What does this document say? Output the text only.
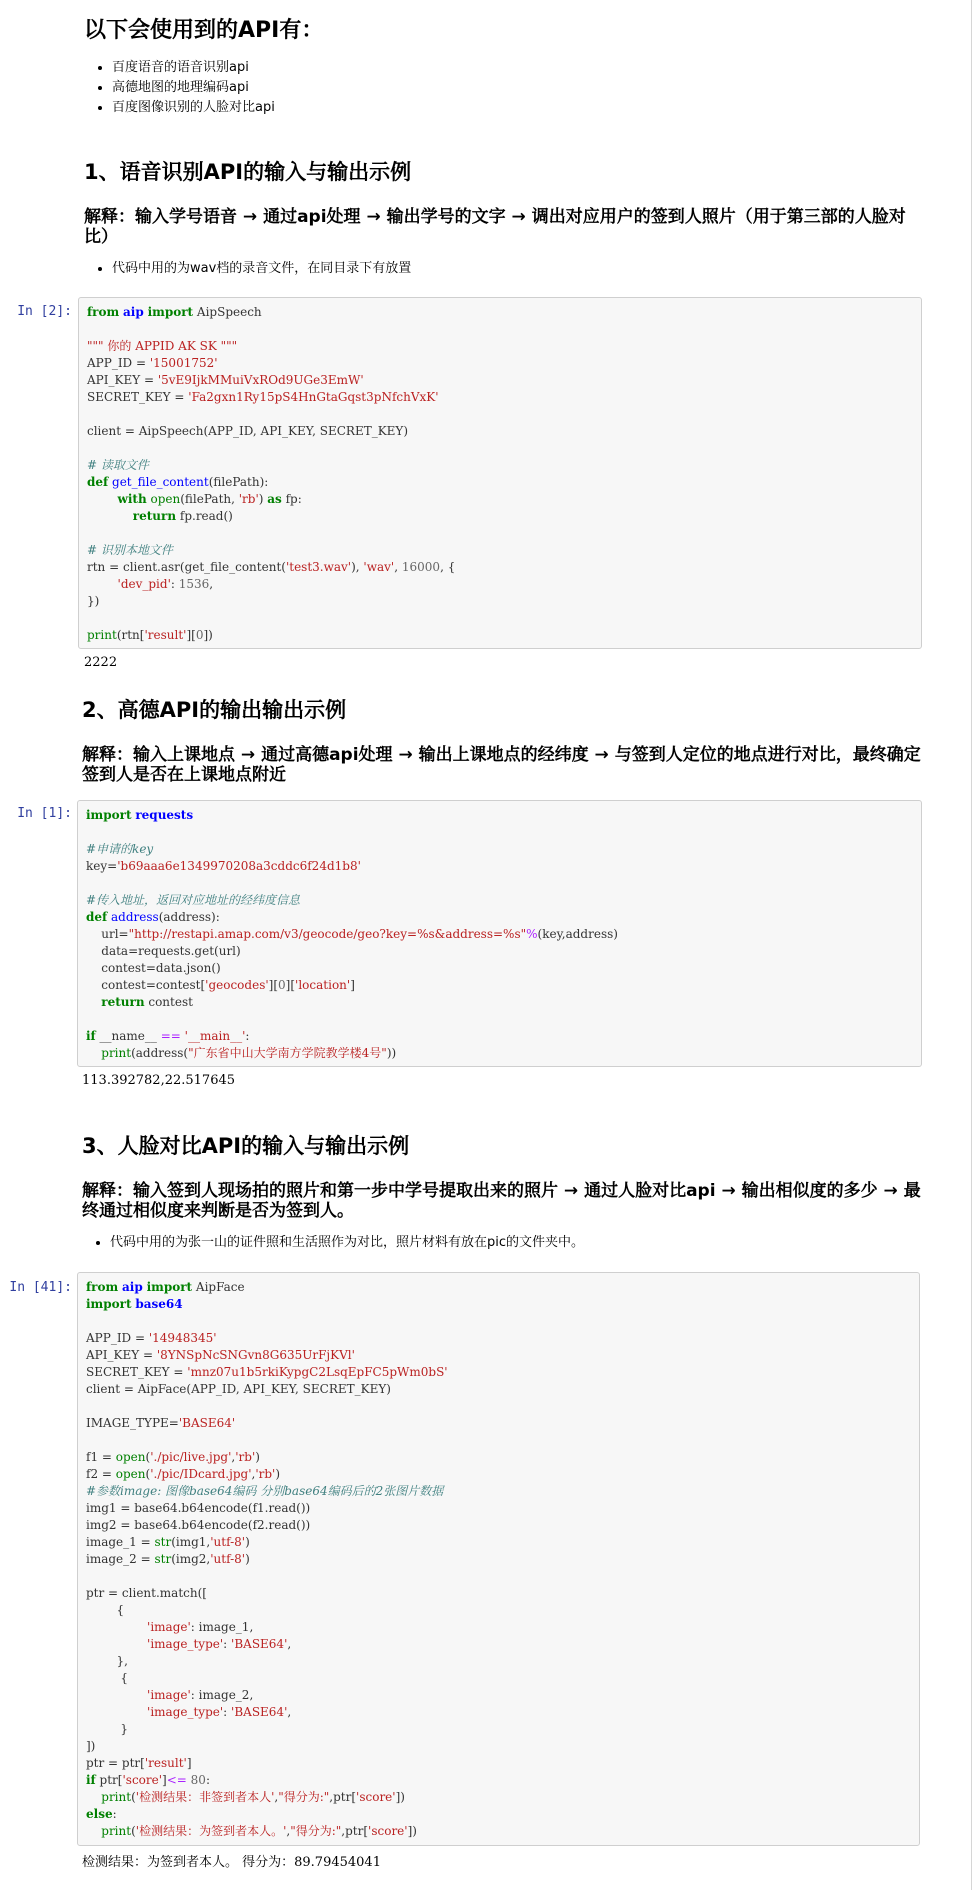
以下会使用到的API有：
• 百度语音的语音识别api
• 高德地图的地理编码api
• 百度图像识别的人脸对比api
1、语音识别API的输入与输出示例
解释：输入学号语音 → 通过api处理 → 输出学号的文字 → 调出对应用户的签到人照片（用于第三部的人脸对比）
• 代码中用的为wav档的录音文件，在同目录下有放置
In [2]: from aip import AipSpeech
""" 你的 APPID AK SK """
APP_ID = '15001752'
API_KEY = '5vE9IjkMMuiVxROd9UGe3EmW'
SECRET_KEY = 'Fa2gxn1Ry15pS4HnGtaGqst3pNfchVxK'
client = AipSpeech(APP_ID, API_KEY, SECRET_KEY)
# 读取文件
def get_file_content(filePath):
with open(filePath, 'rb') as fp:
return fp.read()
# 识别本地文件
rtn = client.asr(get_file_content('test3.wav'), 'wav', 16000, {
'dev_pid': 1536,
})
print(rtn['result'][0])
2222
2、高德API的输出输出示例
解释：输入上课地点 → 通过高德api处理 → 输出上课地点的经纬度 → 与签到人定位的地点进行对比，最终确定签到人是否在上课地点附近
In [1]: import requests
#申请的key
key='b69aaa6e1349970208a3cddc6f24d1b8'
#传入地址，返回对应地址的经纬度信息
def address(address):
url="http://restapi.amap.com/v3/geocode/geo?key=%s&address=%s"%(key,address)
data=requests.get(url)
contest=data.json()
contest=contest['geocodes'][0]['location']
return contest
if __name__ == '__main__':
print(address("广东省中山大学南方学院教学楼4号"))
113.392782,22.517645
3、人脸对比API的输入与输出示例
解释：输入签到人现场拍的照片和第一步中学号提取出来的照片 → 通过人脸对比api → 输出相似度的多少 → 最终通过相似度来判断是否为签到人。
• 代码中用的为张一山的证件照和生活照作为对比，照片材料有放在pic的文件夹中。
In [41]: from aip import AipFace
import base64
APP_ID = '14948345'
API_KEY = '8YNSpNcSNGvn8G635UrFjKVl'
SECRET_KEY = 'mnz07u1b5rkiKypgC2LsqEpFC5pWm0bS'
client = AipFace(APP_ID, API_KEY, SECRET_KEY)
IMAGE_TYPE='BASE64'
f1 = open('./pic/live.jpg','rb')
f2 = open('./pic/IDcard.jpg','rb')
#参数image: 图像base64编码 分别base64编码后的2张图片数据
img1 = base64.b64encode(f1.read())
img2 = base64.b64encode(f2.read())
image_1 = str(img1,'utf-8')
image_2 = str(img2,'utf-8')
ptr = client.match([
{
'image': image_1,
'image_type': 'BASE64',
},
{
'image': image_2,
'image_type': 'BASE64',
}
])
ptr = ptr['result']
if ptr['score']<= 80:
print('检测结果：非签到者本人',"得分为:",ptr['score'])
else:
print('检测结果：为签到者本人。',"得分为:",ptr['score'])
检测结果：为签到者本人。 得分为：89.79454041
